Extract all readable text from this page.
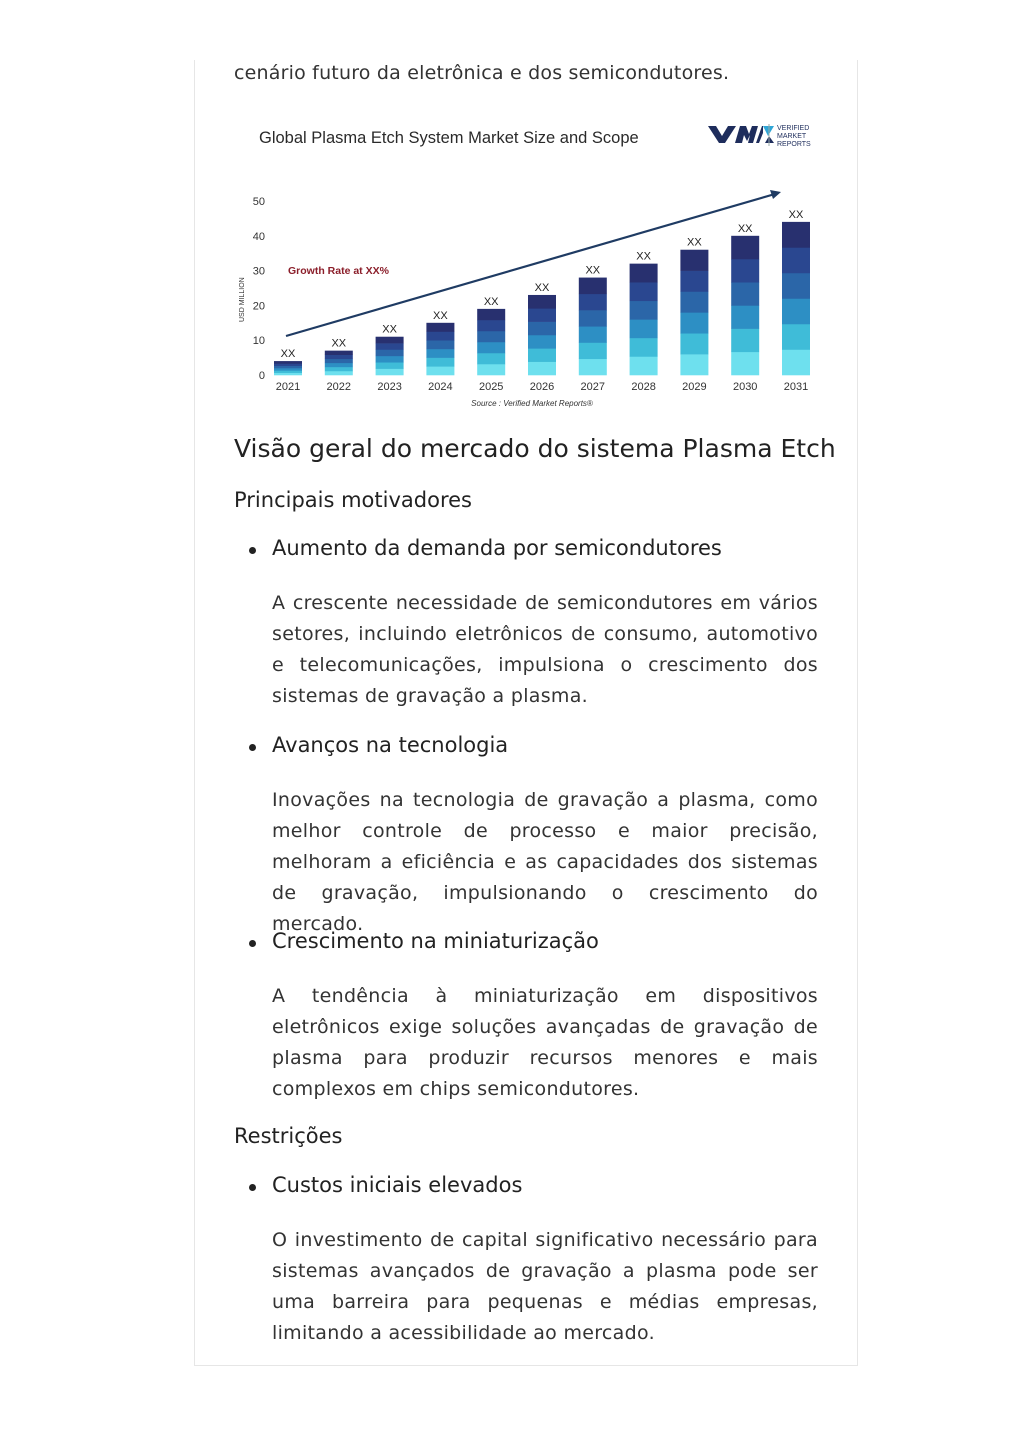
cenário futuro da eletrônica e dos semicondutores.

Global Plasma Etch System Market Size and Scope
VERIFIED
MARKET
REPORTS
USD MILLION
Growth Rate at XX%
0
10
20
30
40
50
XX
2021
XX
2022
XX
2023
XX
2024
XX
2025
XX
2026
XX
2027
XX
2028
XX
2029
XX
2030
XX
2031
Source : Verified Market Reports®
Visão geral do mercado do sistema Plasma Etch
Principais motivadores
Aumento da demanda por semicondutores

A crescente necessidade de semicondutores em vários setores, incluindo eletrônicos de consumo, automotivo e telecomunicações, impulsiona o crescimento dos sistemas de gravação a plasma.

Avanços na tecnologia

Inovações na tecnologia de gravação a plasma, como melhor controle de processo e maior precisão, melhoram a eficiência e as capacidades dos sistemas de gravação, impulsionando o crescimento do mercado.

Crescimento na miniaturização

A tendência à miniaturização em dispositivos eletrônicos exige soluções avançadas de gravação de plasma para produzir recursos menores e mais complexos em chips semicondutores.

Restrições
Custos iniciais elevados

O investimento de capital significativo necessário para sistemas avançados de gravação a plasma pode ser uma barreira para pequenas e médias empresas, limitando a acessibilidade ao mercado.
